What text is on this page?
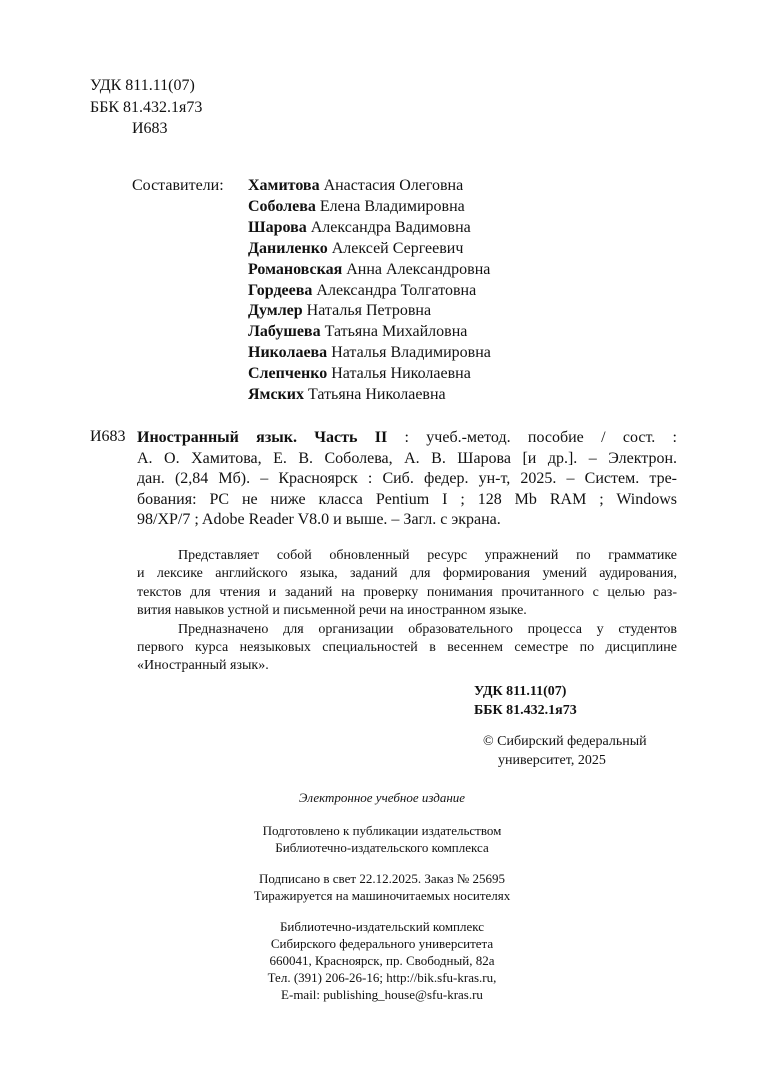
УДК 811.11(07)
ББК 81.432.1я73
И683
Составители:	Хамитова Анастасия Олеговна
Соболева Елена Владимировна
Шарова Александра Вадимовна
Даниленко Алексей Сергеевич
Романовская Анна Александровна
Гордеева Александра Толгатовна
Думлер Наталья Петровна
Лабушева Татьяна Михайловна
Николаева Наталья Владимировна
Слепченко Наталья Николаевна
Ямских Татьяна Николаевна
И683 Иностранный язык. Часть II : учеб.-метод. пособие / сост. :
А. О. Хамитова, Е. В. Соболева, А. В. Шарова [и др.]. – Электрон.
дан. (2,84 Мб). – Красноярск : Сиб. федер. ун-т, 2025. – Систем. тре-
бования: PC не ниже класса Pentium I ; 128 Mb RAM ; Windows
98/XP/7 ; Adobe Reader V8.0 и выше. – Загл. с экрана.
Представляет собой обновленный ресурс упражнений по грамматике
и лексике английского языка, заданий для формирования умений аудирования,
текстов для чтения и заданий на проверку понимания прочитанного с целью раз-
вития навыков устной и письменной речи на иностранном языке.
Предназначено для организации образовательного процесса у студентов
первого курса неязыковых специальностей в весеннем семестре по дисциплине
«Иностранный язык».
УДК 811.11(07)
ББК 81.432.1я73
© Сибирский федеральный
университет, 2025
Электронное учебное издание
Подготовлено к публикации издательством
Библиотечно-издательского комплекса
Подписано в свет 22.12.2025. Заказ № 25695
Тиражируется на машиночитаемых носителях
Библиотечно-издательский комплекс
Сибирского федерального университета
660041, Красноярск, пр. Свободный, 82а
Тел. (391) 206-26-16; http://bik.sfu-kras.ru,
E-mail: publishing_house@sfu-kras.ru
